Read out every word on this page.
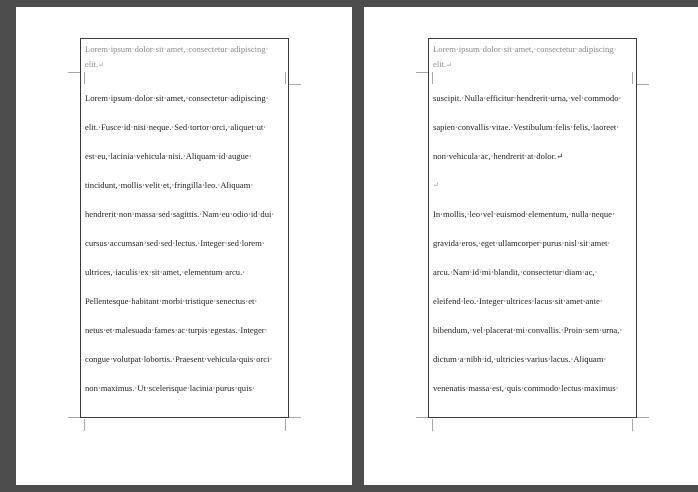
Lorem·ipsum·dolor·sit·amet,·consectetur·adipiscing·
elit.↵
Lorem·ipsum·dolor·sit·amet,·consectetur·adipiscing·
elit.·Fusce·id·nisi·neque.·Sed·tortor·orci,·aliquet·ut·
est·eu,·lacinia·vehicula·nisi.·Aliquam·id·augue·
tincidunt,·mollis·velit·et,·fringilla·leo.·Aliquam·
hendrerit·non·massa·sed·sagittis.·Nam·eu·odio·id·dui·
cursus·accumsan·sed·sed·lectus.·Integer·sed·lorem·
ultrices,·iaculis·ex·sit·amet,·elementum·arcu.·
Pellentesque·habitant·morbi·tristique·senectus·et·
netus·et·malesuada·fames·ac·turpis·egestas.·Integer·
congue·volutpat·lobortis.·Praesent·vehicula·quis·orci·
non·maximus.·Ut·scelerisque·lacinia·purus·quis·
Lorem·ipsum·dolor·sit·amet,·consectetur·adipiscing·
elit.↵
suscipit.·Nulla·efficitur·hendrerit·urna,·vel·commodo·
sapien·convallis·vitae.·Vestibulum·felis·felis,·laoreet·
non·vehicula·ac,·hendrerit·at·dolor.↵
↵
In·mollis,·leo·vel·euismod·elementum,·nulla·neque·
gravida·eros,·eget·ullamcorper·purus·nisl·sit·amet·
arcu.·Nam·id·mi·blandit,·consectetur·diam·ac,·
eleifend·leo.·Integer·ultrices·lacus·sit·amet·ante·
bibendum,·vel·placerat·mi·convallis.·Proin·sem·urna,·
dictum·a·nibh·id,·ultricies·varius·lacus.·Aliquam·
venenatis·massa·est,·quis·commodo·lectus·maximus·
